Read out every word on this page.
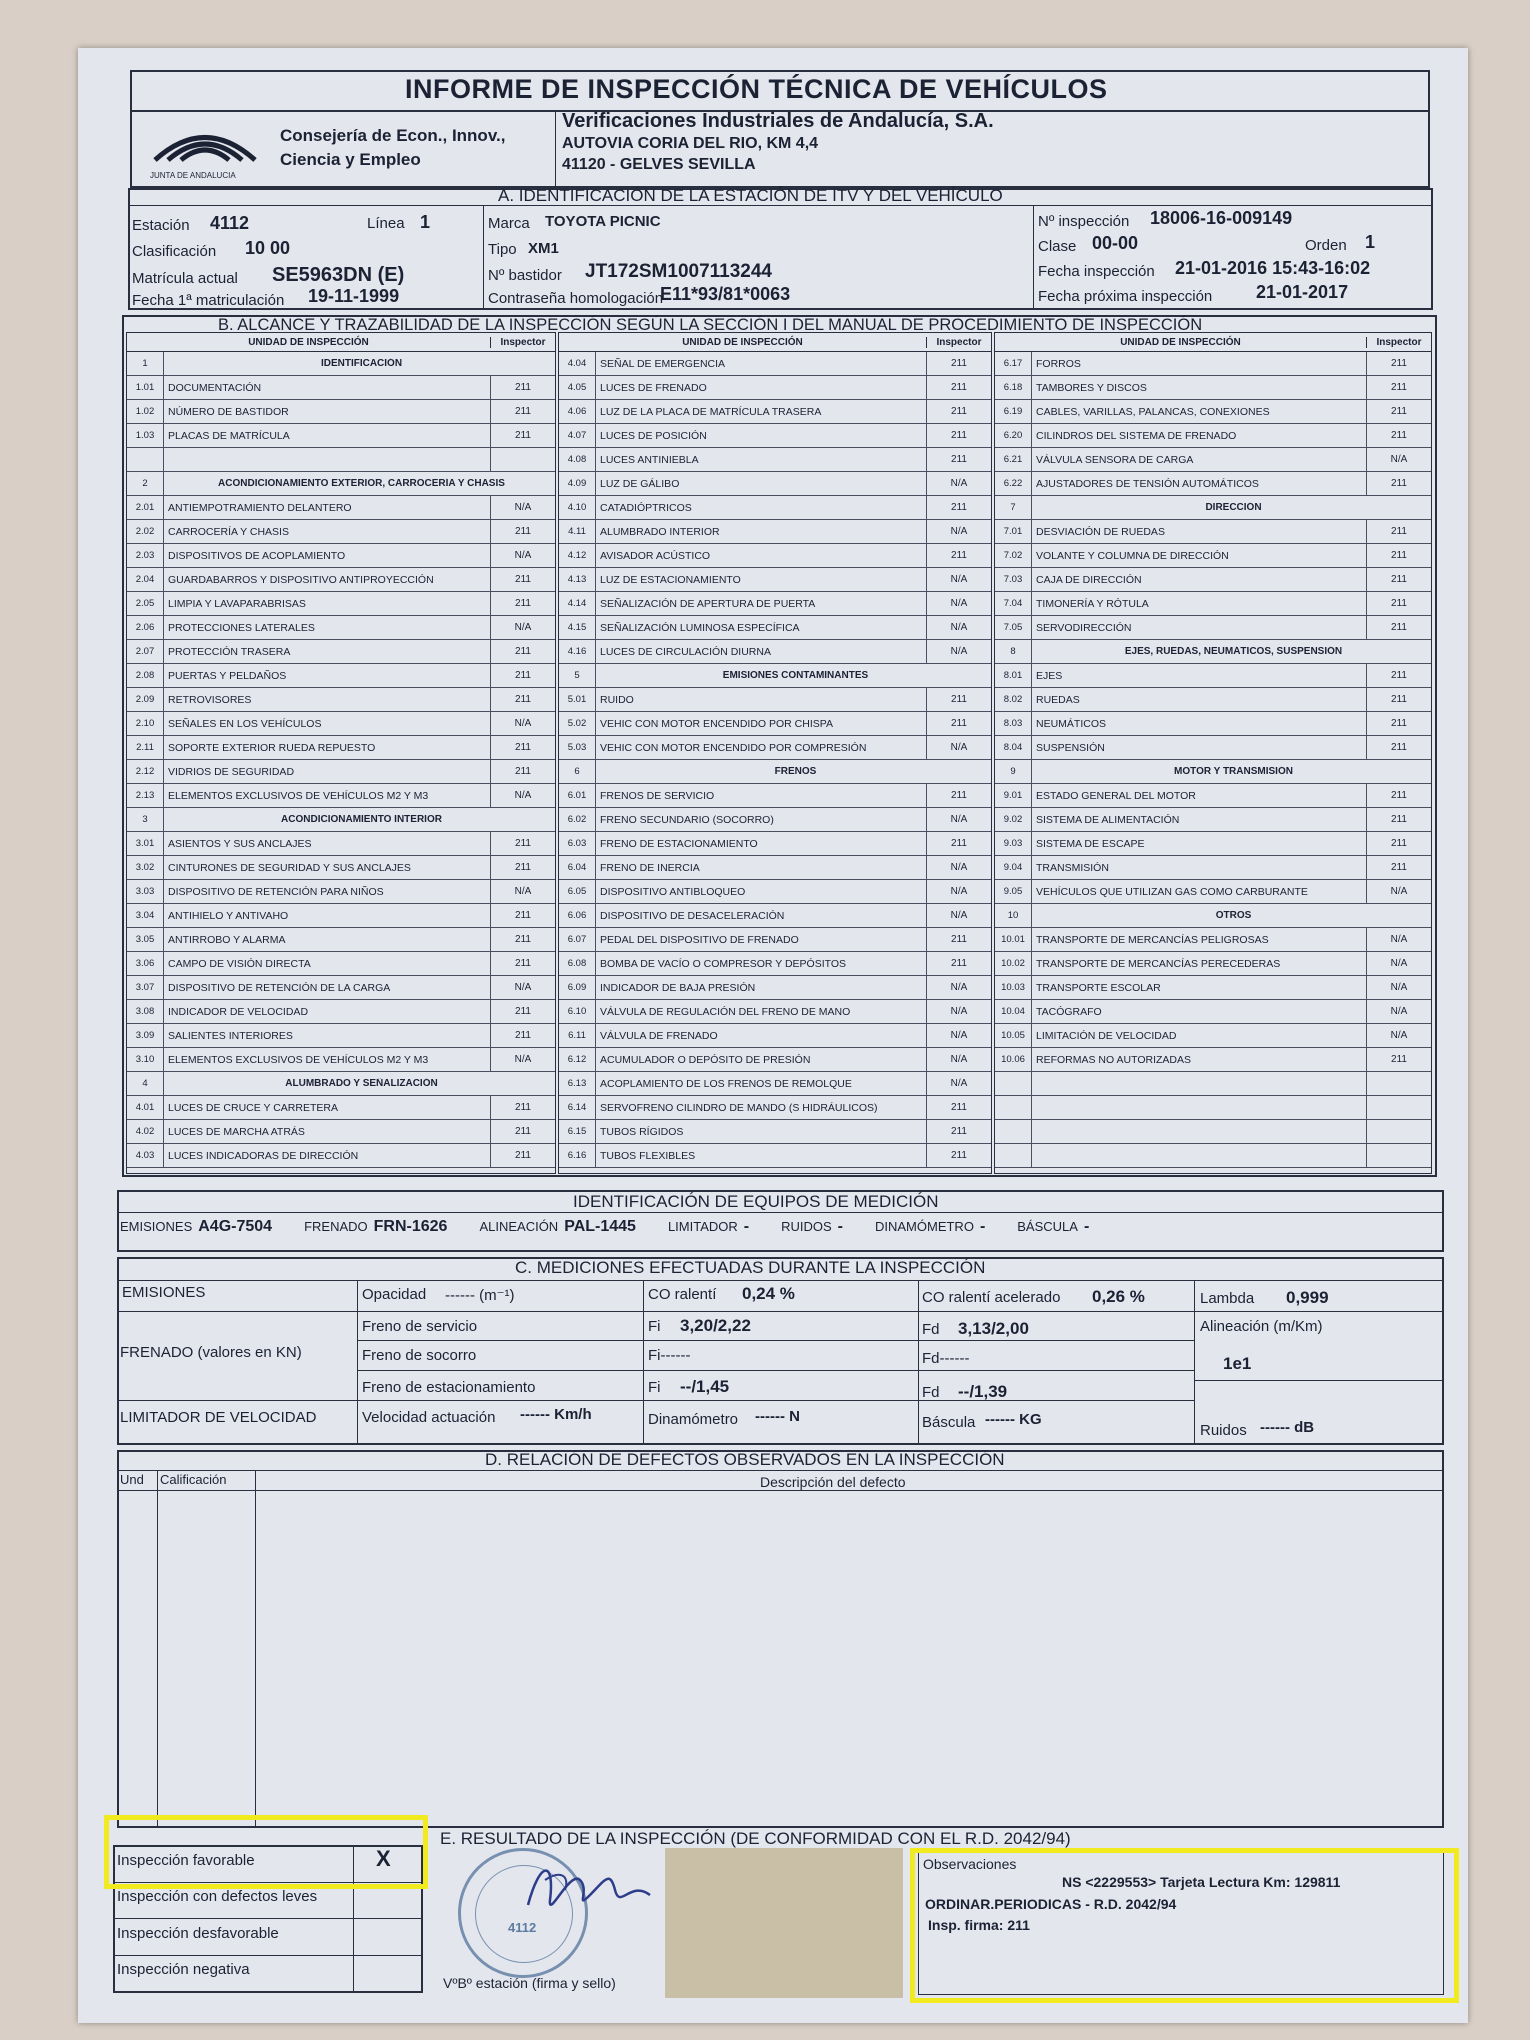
INFORME DE INSPECCIÓN TÉCNICA DE VEHÍCULOS
JUNTA DE ANDALUCIA
Consejería de Econ., Innov.,
Ciencia y Empleo
Verificaciones Industriales de Andalucía, S.A.
AUTOVIA CORIA DEL RIO, KM 4,4
41120 - GELVES SEVILLA
A. IDENTIFICACIÓN DE LA ESTACIÓN DE ITV Y DEL VEHÍCULO
Estación 4112	Línea 1
Clasificación 10 00
Matrícula actual SE5963DN (E)
Fecha 1ª matriculación 19-11-1999
Marca TOYOTA PICNIC
Tipo XM1
Nº bastidor JT172SM1007113244
Contraseña homologación
E11*93/81*0063
Nº inspección 18006-16-009149
Clase 00-00	Orden 1
Fecha inspección 21-01-2016 15:43-16:02
Fecha próxima inspección 21-01-2017
B. ALCANCE Y TRAZABILIDAD DE LA INSPECCIÓN SEGÚN LA SECCIÓN I DEL MANUAL DE PROCEDIMIENTO DE INSPECCIÓN
UNIDAD DE INSPECCIÓN	Inspector
1	IDENTIFICACIÓN
1.01	DOCUMENTACIÓN	211
1.02	NÚMERO DE BASTIDOR	211
1.03	PLACAS DE MATRÍCULA	211
2	ACONDICIONAMIENTO EXTERIOR, CARROCERÍA Y CHASIS
2.01	ANTIEMPOTRAMIENTO DELANTERO	N/A
2.02	CARROCERÍA Y CHASIS	211
2.03	DISPOSITIVOS DE ACOPLAMIENTO	N/A
2.04	GUARDABARROS Y DISPOSITIVO ANTIPROYECCIÓN	211
2.05	LIMPIA Y LAVAPARABRISAS	211
2.06	PROTECCIONES LATERALES	N/A
2.07	PROTECCIÓN TRASERA	211
2.08	PUERTAS Y PELDAÑOS	211
2.09	RETROVISORES	211
2.10	SEÑALES EN LOS VEHÍCULOS	N/A
2.11	SOPORTE EXTERIOR RUEDA REPUESTO	211
2.12	VIDRIOS DE SEGURIDAD	211
2.13	ELEMENTOS EXCLUSIVOS DE VEHÍCULOS M2 Y M3	N/A
3	ACONDICIONAMIENTO INTERIOR
3.01	ASIENTOS Y SUS ANCLAJES	211
3.02	CINTURONES DE SEGURIDAD Y SUS ANCLAJES	211
3.03	DISPOSITIVO DE RETENCIÓN PARA NIÑOS	N/A
3.04	ANTIHIELO Y ANTIVAHO	211
3.05	ANTIRROBO Y ALARMA	211
3.06	CAMPO DE VISIÓN DIRECTA	211
3.07	DISPOSITIVO DE RETENCIÓN DE LA CARGA	N/A
3.08	INDICADOR DE VELOCIDAD	211
3.09	SALIENTES INTERIORES	211
3.10	ELEMENTOS EXCLUSIVOS DE VEHÍCULOS M2 Y M3	N/A
4	ALUMBRADO Y SEÑALIZACIÓN
4.01	LUCES DE CRUCE Y CARRETERA	211
4.02	LUCES DE MARCHA ATRÁS	211
4.03	LUCES INDICADORAS DE DIRECCIÓN	211
UNIDAD DE INSPECCIÓN	Inspector
4.04	SEÑAL DE EMERGENCIA	211
4.05	LUCES DE FRENADO	211
4.06	LUZ DE LA PLACA DE MATRÍCULA TRASERA	211
4.07	LUCES DE POSICIÓN	211
4.08	LUCES ANTINIEBLA	211
4.09	LUZ DE GÁLIBO	N/A
4.10	CATADIÓPTRICOS	211
4.11	ALUMBRADO INTERIOR	N/A
4.12	AVISADOR ACÚSTICO	211
4.13	LUZ DE ESTACIONAMIENTO	N/A
4.14	SEÑALIZACIÓN DE APERTURA DE PUERTA	N/A
4.15	SEÑALIZACIÓN LUMINOSA ESPECÍFICA	N/A
4.16	LUCES DE CIRCULACIÓN DIURNA	N/A
5	EMISIONES CONTAMINANTES
5.01	RUIDO	211
5.02	VEHIC CON MOTOR ENCENDIDO POR CHISPA	211
5.03	VEHIC CON MOTOR ENCENDIDO POR COMPRESIÓN	N/A
6	FRENOS
6.01	FRENOS DE SERVICIO	211
6.02	FRENO SECUNDARIO (SOCORRO)	N/A
6.03	FRENO DE ESTACIONAMIENTO	211
6.04	FRENO DE INERCIA	N/A
6.05	DISPOSITIVO ANTIBLOQUEO	N/A
6.06	DISPOSITIVO DE DESACELERACIÓN	N/A
6.07	PEDAL DEL DISPOSITIVO DE FRENADO	211
6.08	BOMBA DE VACÍO O COMPRESOR Y DEPÓSITOS	211
6.09	INDICADOR DE BAJA PRESIÓN	N/A
6.10	VÁLVULA DE REGULACIÓN DEL FRENO DE MANO	N/A
6.11	VÁLVULA DE FRENADO	N/A
6.12	ACUMULADOR O DEPÓSITO DE PRESIÓN	N/A
6.13	ACOPLAMIENTO DE LOS FRENOS DE REMOLQUE	N/A
6.14	SERVOFRENO CILINDRO DE MANDO (S HIDRÁULICOS)	211
6.15	TUBOS RÍGIDOS	211
6.16	TUBOS FLEXIBLES	211
UNIDAD DE INSPECCIÓN	Inspector
6.17	FORROS	211
6.18	TAMBORES Y DISCOS	211
6.19	CABLES, VARILLAS, PALANCAS, CONEXIONES	211
6.20	CILINDROS DEL SISTEMA DE FRENADO	211
6.21	VÁLVULA SENSORA DE CARGA	N/A
6.22	AJUSTADORES DE TENSIÓN AUTOMÁTICOS	211
7	DIRECCIÓN
7.01	DESVIACIÓN DE RUEDAS	211
7.02	VOLANTE Y COLUMNA DE DIRECCIÓN	211
7.03	CAJA DE DIRECCIÓN	211
7.04	TIMONERÍA Y RÓTULA	211
7.05	SERVODIRECCIÓN	211
8	EJES, RUEDAS, NEUMÁTICOS, SUSPENSIÓN
8.01	EJES	211
8.02	RUEDAS	211
8.03	NEUMÁTICOS	211
8.04	SUSPENSIÓN	211
9	MOTOR Y TRANSMISIÓN
9.01	ESTADO GENERAL DEL MOTOR	211
9.02	SISTEMA DE ALIMENTACIÓN	211
9.03	SISTEMA DE ESCAPE	211
9.04	TRANSMISIÓN	211
9.05	VEHÍCULOS QUE UTILIZAN GAS COMO CARBURANTE	N/A
10	OTROS
10.01	TRANSPORTE DE MERCANCÍAS PELIGROSAS	N/A
10.02	TRANSPORTE DE MERCANCÍAS PERECEDERAS	N/A
10.03	TRANSPORTE ESCOLAR	N/A
10.04	TACÓGRAFO	N/A
10.05	LIMITACIÓN DE VELOCIDAD	N/A
10.06	REFORMAS NO AUTORIZADAS	211
IDENTIFICACIÓN DE EQUIPOS DE MEDICIÓN
EMISIONES A4G-7504 FRENADO FRN-1626 ALINEACIÓN PAL-1445 LIMITADOR - RUIDOS - DINAMÓMETRO - BÁSCULA -
C. MEDICIONES EFECTUADAS DURANTE LA INSPECCIÓN
EMISIONES	Opacidad ------ (m⁻¹)	CO ralentí 0,24 %	CO ralentí acelerado 0,26 %	Lambda 0,999
FRENADO (valores en KN)
Freno de servicio	Fi 3,20/2,22	Fd 3,13/2,00	Alineación (m/Km)
1e1
Freno de socorro	Fi------	Fd------
Freno de estacionamiento	Fi --/1,45	Fd --/1,39
LIMITADOR DE VELOCIDAD	Velocidad actuación ------ Km/h	Dinamómetro ------ N	Báscula ------ KG
Ruidos ------ dB
D. RELACIÓN DE DEFECTOS OBSERVADOS EN LA INSPECCIÓN
Und Calificación	Descripción del defecto
E. RESULTADO DE LA INSPECCIÓN (DE CONFORMIDAD CON EL R.D. 2042/94)
Inspección favorable	X
Inspección con defectos leves
Inspección desfavorable
Inspección negativa
4112
VºBº estación (firma y sello)
Observaciones
NS <2229553> Tarjeta Lectura Km: 129811
ORDINAR.PERIODICAS - R.D. 2042/94
Insp. firma: 211
